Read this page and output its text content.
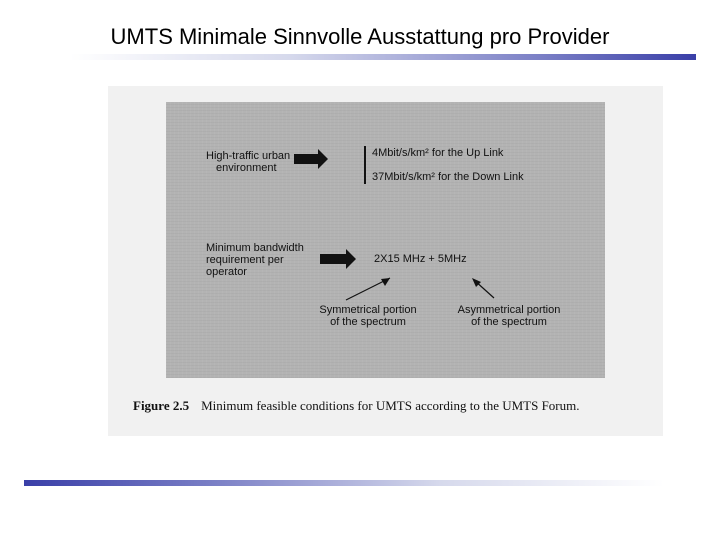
UMTS Minimale Sinnvolle Ausstattung pro Provider
High-traffic urban
environment
4Mbit/s/km² for the Up Link
37Mbit/s/km² for the Down Link
Minimum bandwidth
requirement per
operator
2X15 MHz + 5MHz
Symmetrical portion
of the spectrum
Asymmetrical portion
of the spectrum
Figure 2.5 Minimum feasible conditions for UMTS according to the UMTS Forum.
